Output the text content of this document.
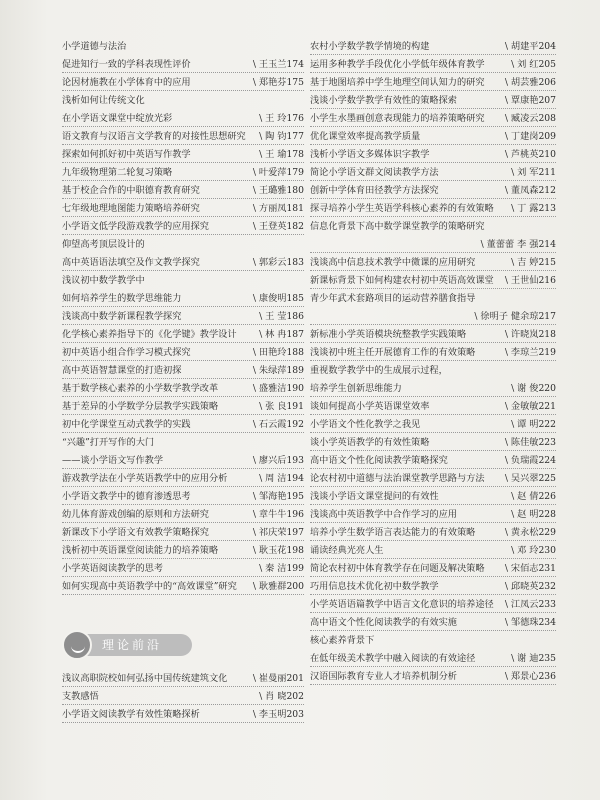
小学道德与法治
促进知行一致的学科表现性评价	\ 王玉兰174
论因材施教在小学体育中的应用	\ 郑艳芬175
浅析如何让传统文化
在小学语文课堂中绽放光彩	\ 王 玲176
语文教育与汉语言文学教育的对接性思想研究 \ 陶 钧177
探索如何抓好初中英语写作教学	\ 王 瑜178
九年级物理第二轮复习策略	\ 叶爱萍179
基于校企合作的中职德育教育研究	\ 王璐雅180
七年级地理地图能力策略培养研究	\ 方丽凤181
小学语文低学段游戏教学的应用探究	\ 王登英182
仰望高考顶层设计的
高中英语语法填空及作文教学探究	\ 郭彩云183
浅议初中数学教学中
如何培养学生的数学思维能力	\ 康俊明185
浅谈高中数学新课程教学探究	\ 王 莹186
化学核心素养指导下的《化学键》教学设计 \ 林 冉187
初中英语小组合作学习模式探究	\ 田艳玲188
高中英语智慧课堂的打造初探	\ 朱绿萍189
基于数学核心素养的小学数学教学改革	\ 盛雅洁190
基于差异的小学数学分层教学实践策略	\ 张 良191
初中化学课堂互动式教学的实践	\ 石云霞192
“兴趣”打开写作的大门
——谈小学语文写作教学	\ 廖兴后193
游戏教学法在小学英语教学中的应用分析	\ 周 洁194
小学语文教学中的德育渗透思考	\ 邹海艳195
幼儿体育游戏创编的原则和方法研究	\ 章牛牛196
新课改下小学语文有效教学策略探究	\ 祁庆荣197
浅析初中英语课堂阅读能力的培养策略	\ 耿玉花198
小学英语阅读教学的思考	\ 秦 洁199
如何实现高中英语教学中的“高效课堂”研究 \ 耿雅群200
理论前沿
浅议高职院校如何弘扬中国传统建筑文化	\ 崔曼丽201
支教感悟	\ 肖 晓202
小学语文阅读教学有效性策略探析	\ 李玉明203
农村小学数学教学情境的构建	\ 胡建平204
运用多种教学手段优化小学低年级体育教学	\ 刘 红205
基于地图培养中学生地理空间认知力的研究 \ 胡芸雅206
浅谈小学数学教学有效性的策略探索	\ 覃康艳207
小学生水墨画创意表现能力的培养策略研究 \ 臧凌云208
优化课堂效率提高教学质量	\ 丁建岗209
浅析小学语文多媒体识字教学	\ 芦桃英210
简论小学语文群文阅读教学方法	\ 刘 军211
创新中学体育田径教学方法探究	\ 董凤森212
探寻培养小学生英语学科核心素养的有效策略 \ 丁 露213
信息化背景下高中数学课堂教学的策略研究
\ 董蕾蕾 李 强214
浅谈高中信息技术教学中微课的应用研究	\ 吉 婷215
新课标背景下如何构建农村初中英语高效课堂 \ 王世仙216
青少年武术套路项目的运动营养膳食指导
\ 徐明子 健余琼217
新标准小学英语模块统整教学实践策略	\ 许晓岚218
浅谈初中班主任开展德育工作的有效策略	\ 李琼兰219
重视数学教学中的生成展示过程，
培养学生创新思维能力	\ 谢 俊220
谈如何提高小学英语课堂效率	\ 金敏敏221
小学语文个性化教学之我见	\ 谭 明222
谈小学英语教学的有效性策略	\ 陈佳敏223
高中语文个性化阅读教学策略探究	\ 负瑞霞224
论农村初中道德与法治课堂教学思路与方法 \ 吴兴翠225
浅谈小学语文课堂提问的有效性	\ 赵 倩226
浅谈高中英语教学中合作学习的应用	\ 赵 明228
培养小学生数学语言表达能力的有效策略	\ 黄永松229
诵读经典光亮人生	\ 邓 玲230
简论农村初中体育教学存在问题及解决策略 \ 宋佰志231
巧用信息技术优化初中数学教学	\ 邱晓英232
小学英语语篇教学中语言文化意识的培养途径 \ 江凤云233
高中语文个性化阅读教学的有效实施	\ 邹德珠234
核心素养背景下
在低年级美术教学中融入阅读的有效途径	\ 谢 迪235
汉语国际教育专业人才培养机制分析	\ 郑景心236
